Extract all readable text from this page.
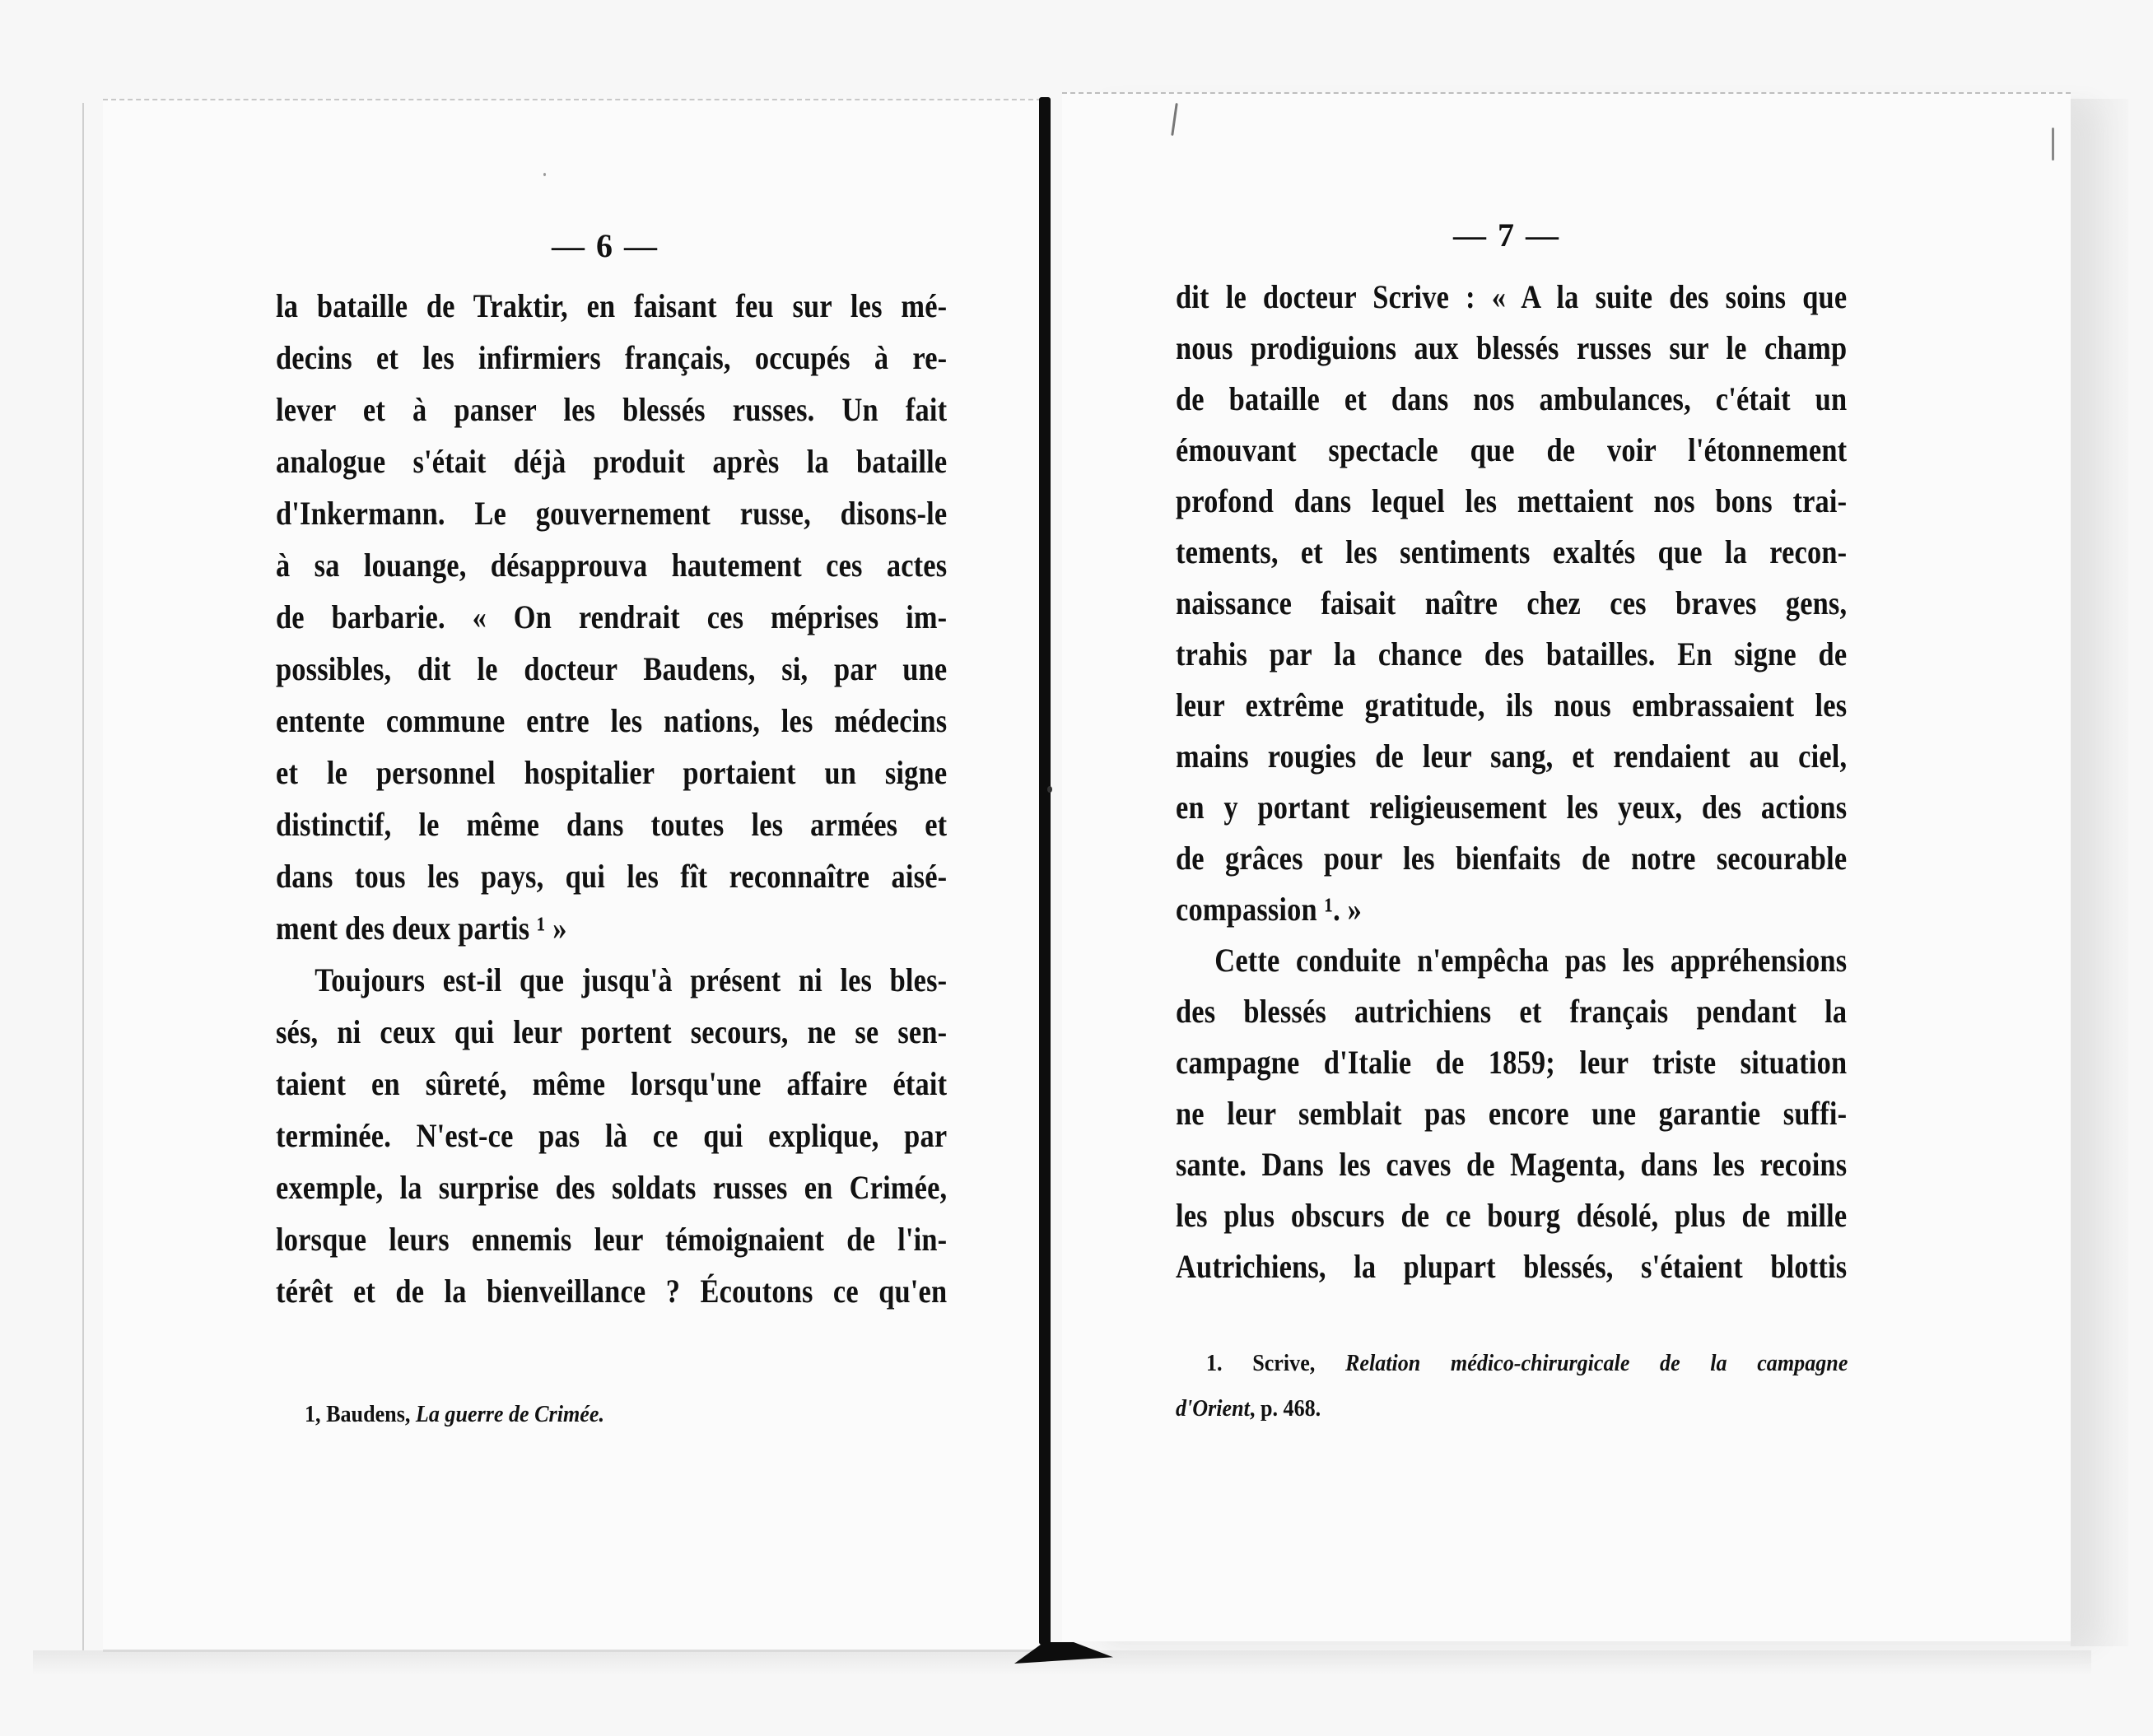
— 6 —
la bataille de Traktir, en faisant feu sur les mé-
decins et les infirmiers français, occupés à re-
lever et à panser les blessés russes. Un fait
analogue s'était déjà produit après la bataille
d'Inkermann. Le gouvernement russe, disons-le
à sa louange, désapprouva hautement ces actes
de barbarie. « On rendrait ces méprises im-
possibles, dit le docteur Baudens, si, par une
entente commune entre les nations, les médecins
et le personnel hospitalier portaient un signe
distinctif, le même dans toutes les armées et
dans tous les pays, qui les fît reconnaître aisé-
ment des deux partis ¹ »
Toujours est-il que jusqu'à présent ni les bles-
sés, ni ceux qui leur portent secours, ne se sen-
taient en sûreté, même lorsqu'une affaire était
terminée. N'est-ce pas là ce qui explique, par
exemple, la surprise des soldats russes en Crimée,
lorsque leurs ennemis leur témoignaient de l'in-
térêt et de la bienveillance ? Écoutons ce qu'en
1, Baudens, La guerre de Crimée.
— 7 —
dit le docteur Scrive : « A la suite des soins que
nous prodiguions aux blessés russes sur le champ
de bataille et dans nos ambulances, c'était un
émouvant spectacle que de voir l'étonnement
profond dans lequel les mettaient nos bons trai-
tements, et les sentiments exaltés que la recon-
naissance faisait naître chez ces braves gens,
trahis par la chance des batailles. En signe de
leur extrême gratitude, ils nous embrassaient les
mains rougies de leur sang, et rendaient au ciel,
en y portant religieusement les yeux, des actions
de grâces pour les bienfaits de notre secourable
compassion ¹. »
Cette conduite n'empêcha pas les appréhensions
des blessés autrichiens et français pendant la
campagne d'Italie de 1859; leur triste situation
ne leur semblait pas encore une garantie suffi-
sante. Dans les caves de Magenta, dans les recoins
les plus obscurs de ce bourg désolé, plus de mille
Autrichiens, la plupart blessés, s'étaient blottis
1. Scrive, Relation médico-chirurgicale de la campagne
d'Orient, p. 468.
